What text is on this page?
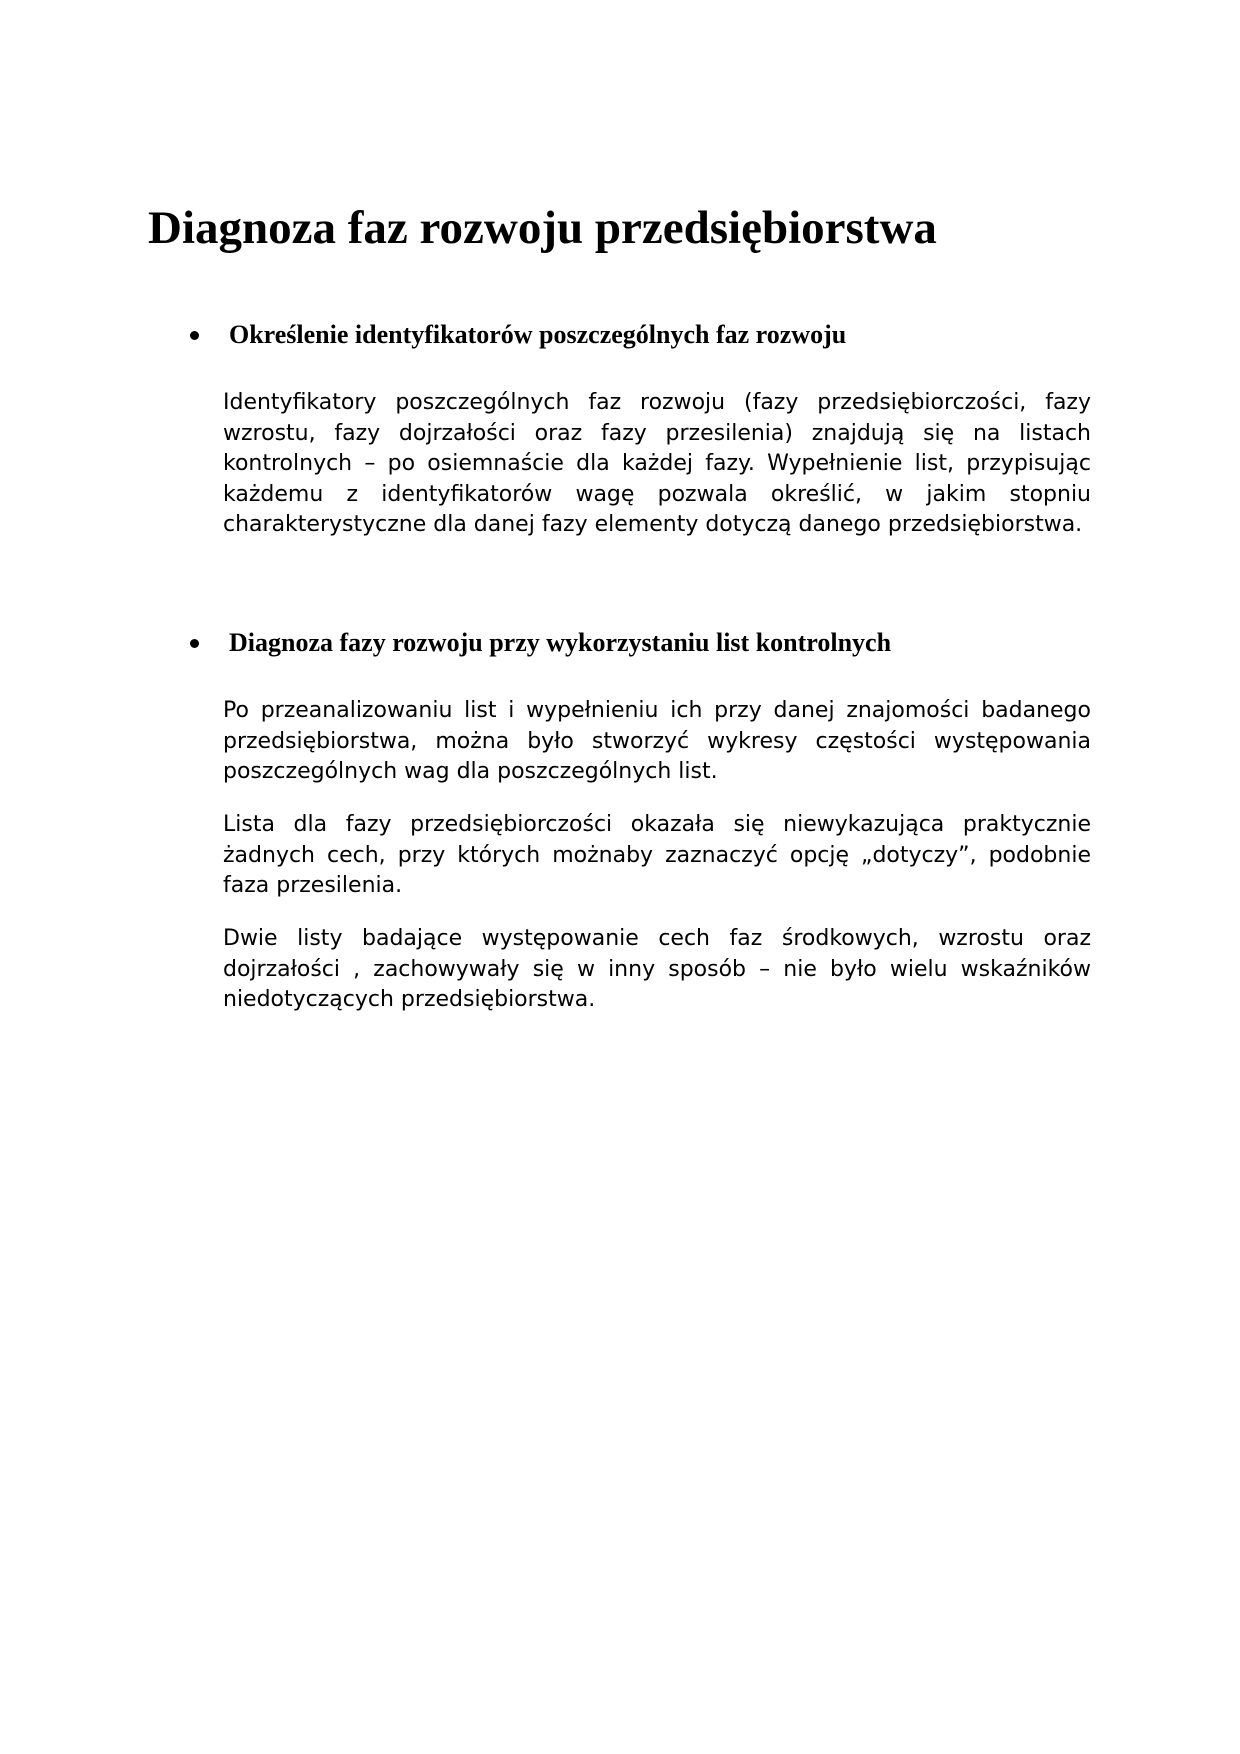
Diagnoza faz rozwoju przedsiębiorstwa
Określenie identyfikatorów poszczególnych faz rozwoju

Identyfikatory poszczególnych faz rozwoju (fazy przedsiębiorczości, fazy wzrostu, fazy dojrzałości oraz fazy przesilenia) znajdują się na listach kontrolnych – po osiemnaście dla każdej fazy. Wypełnienie list, przypisując każdemu z identyfikatorów wagę pozwala określić, w jakim stopniu charakterystyczne dla danej fazy elementy dotyczą danego przedsiębiorstwa.

Diagnoza fazy rozwoju przy wykorzystaniu list kontrolnych

Po przeanalizowaniu list i wypełnieniu ich przy danej znajomości badanego przedsiębiorstwa, można było stworzyć wykresy częstości występowania poszczególnych wag dla poszczególnych list.

Lista dla fazy przedsiębiorczości okazała się niewykazująca praktycznie żadnych cech, przy których możnaby zaznaczyć opcję „dotyczy”, podobnie faza przesilenia.

Dwie listy badające występowanie cech faz środkowych, wzrostu oraz dojrzałości , zachowywały się w inny sposób – nie było wielu wskaźników niedotyczących przedsiębiorstwa.
